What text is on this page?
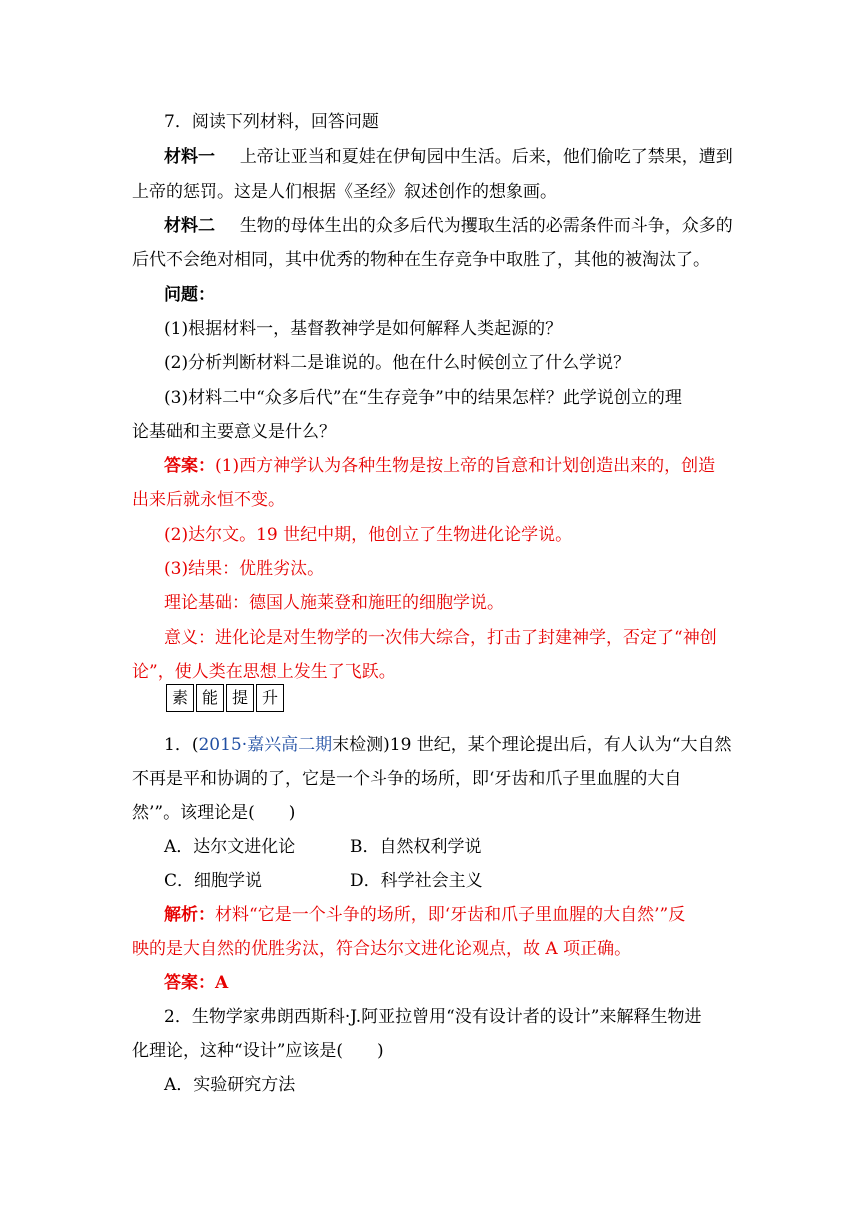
7．阅读下列材料，回答问题
材料一 上帝让亚当和夏娃在伊甸园中生活。后来，他们偷吃了禁果，遭到
上帝的惩罚。这是人们根据《圣经》叙述创作的想象画。
材料二 生物的母体生出的众多后代为攫取生活的必需条件而斗争，众多的
后代不会绝对相同，其中优秀的物种在生存竞争中取胜了，其他的被淘汰了。
问题：
(1)根据材料一，基督教神学是如何解释人类起源的？
(2)分析判断材料二是谁说的。他在什么时候创立了什么学说？
(3)材料二中“众多后代”在“生存竞争”中的结果怎样？此学说创立的理
论基础和主要意义是什么？
答案：(1)西方神学认为各种生物是按上帝的旨意和计划创造出来的，创造
出来后就永恒不变。
(2)达尔文。19 世纪中期，他创立了生物进化论学说。
(3)结果：优胜劣汰。
理论基础：德国人施莱登和施旺的细胞学说。
意义：进化论是对生物学的一次伟大综合，打击了封建神学，否定了“神创
论”，使人类在思想上发生了飞跃。
素 能 提 升
1．(2015·嘉兴高二期末检测)19 世纪，某个理论提出后，有人认为“大自然
不再是平和协调的了，它是一个斗争的场所，即‘牙齿和爪子里血腥的大自
然’”。该理论是(　　)
A．达尔文进化论	B．自然权利学说
C．细胞学说	D．科学社会主义
解析：材料“它是一个斗争的场所，即‘牙齿和爪子里血腥的大自然’”反
映的是大自然的优胜劣汰，符合达尔文进化论观点，故 A 项正确。
答案：A
2．生物学家弗朗西斯科·J.阿亚拉曾用“没有设计者的设计”来解释生物进
化理论，这种“设计”应该是(　　)
A．实验研究方法
